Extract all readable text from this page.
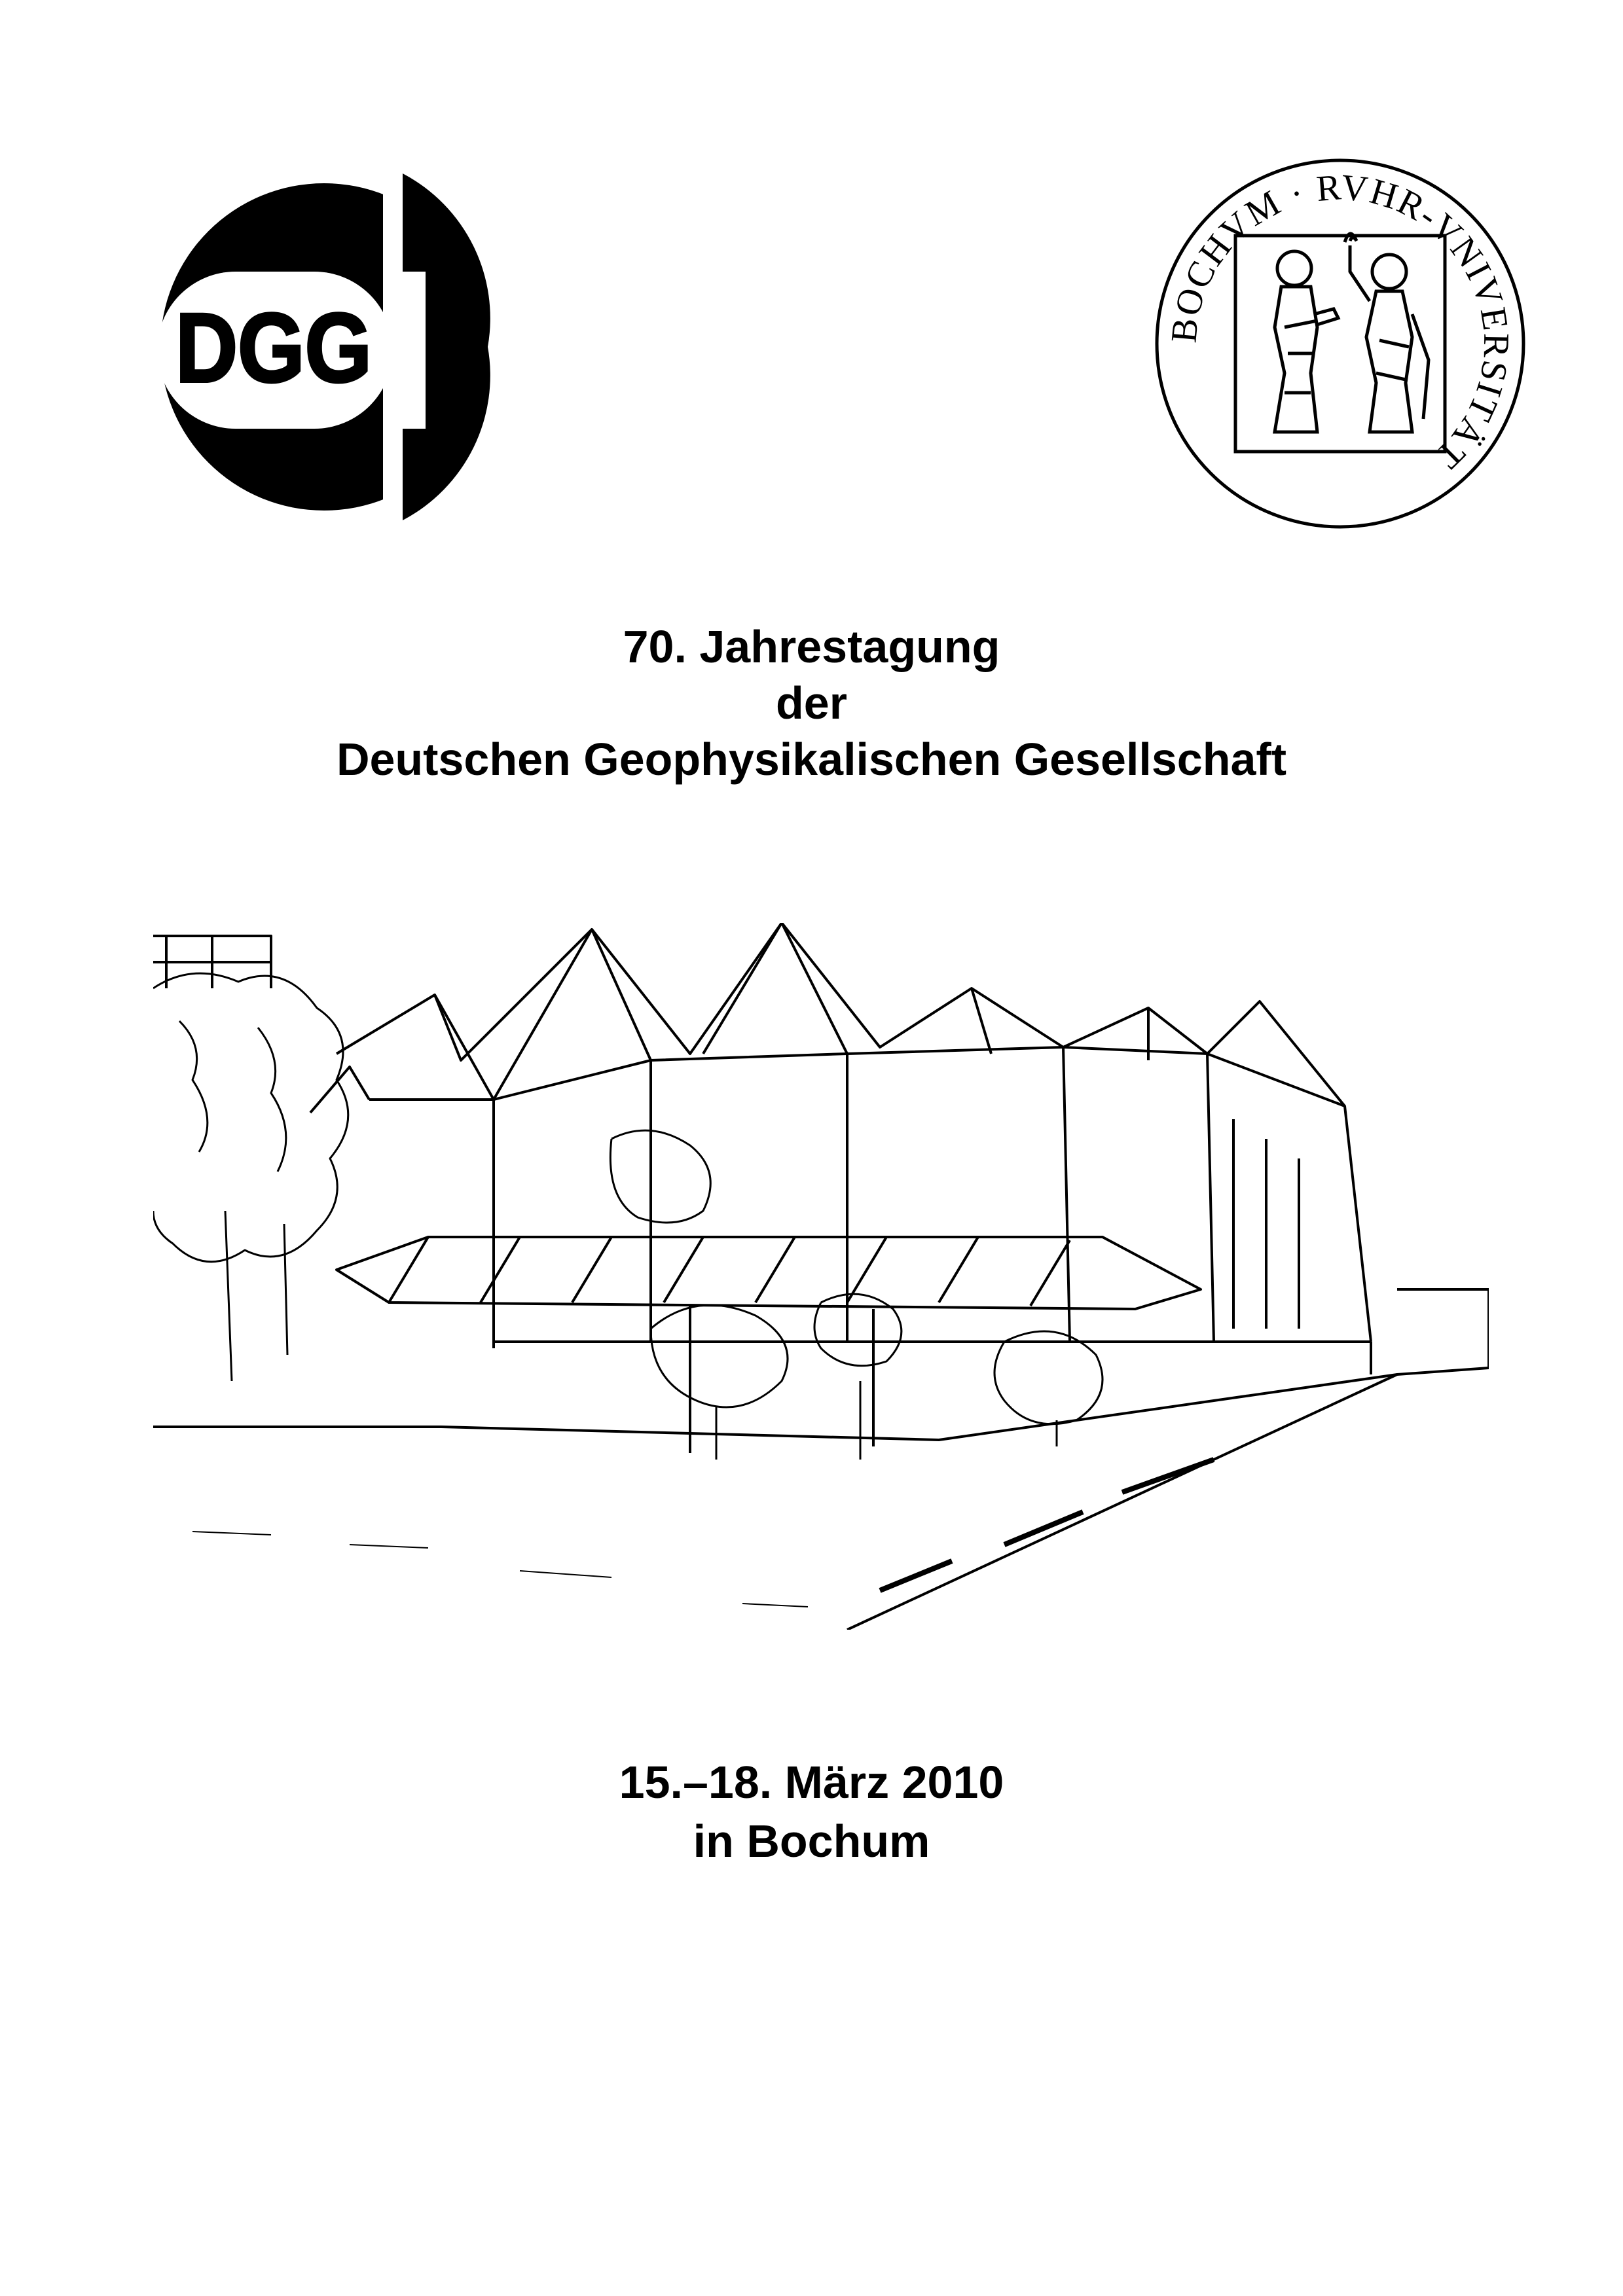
DGG	BOCHVM · RVHR-VNIVERSITÄT
70. Jahrestagung
der
Deutschen Geophysikalischen Gesellschaft
15.–18. März 2010
in Bochum
